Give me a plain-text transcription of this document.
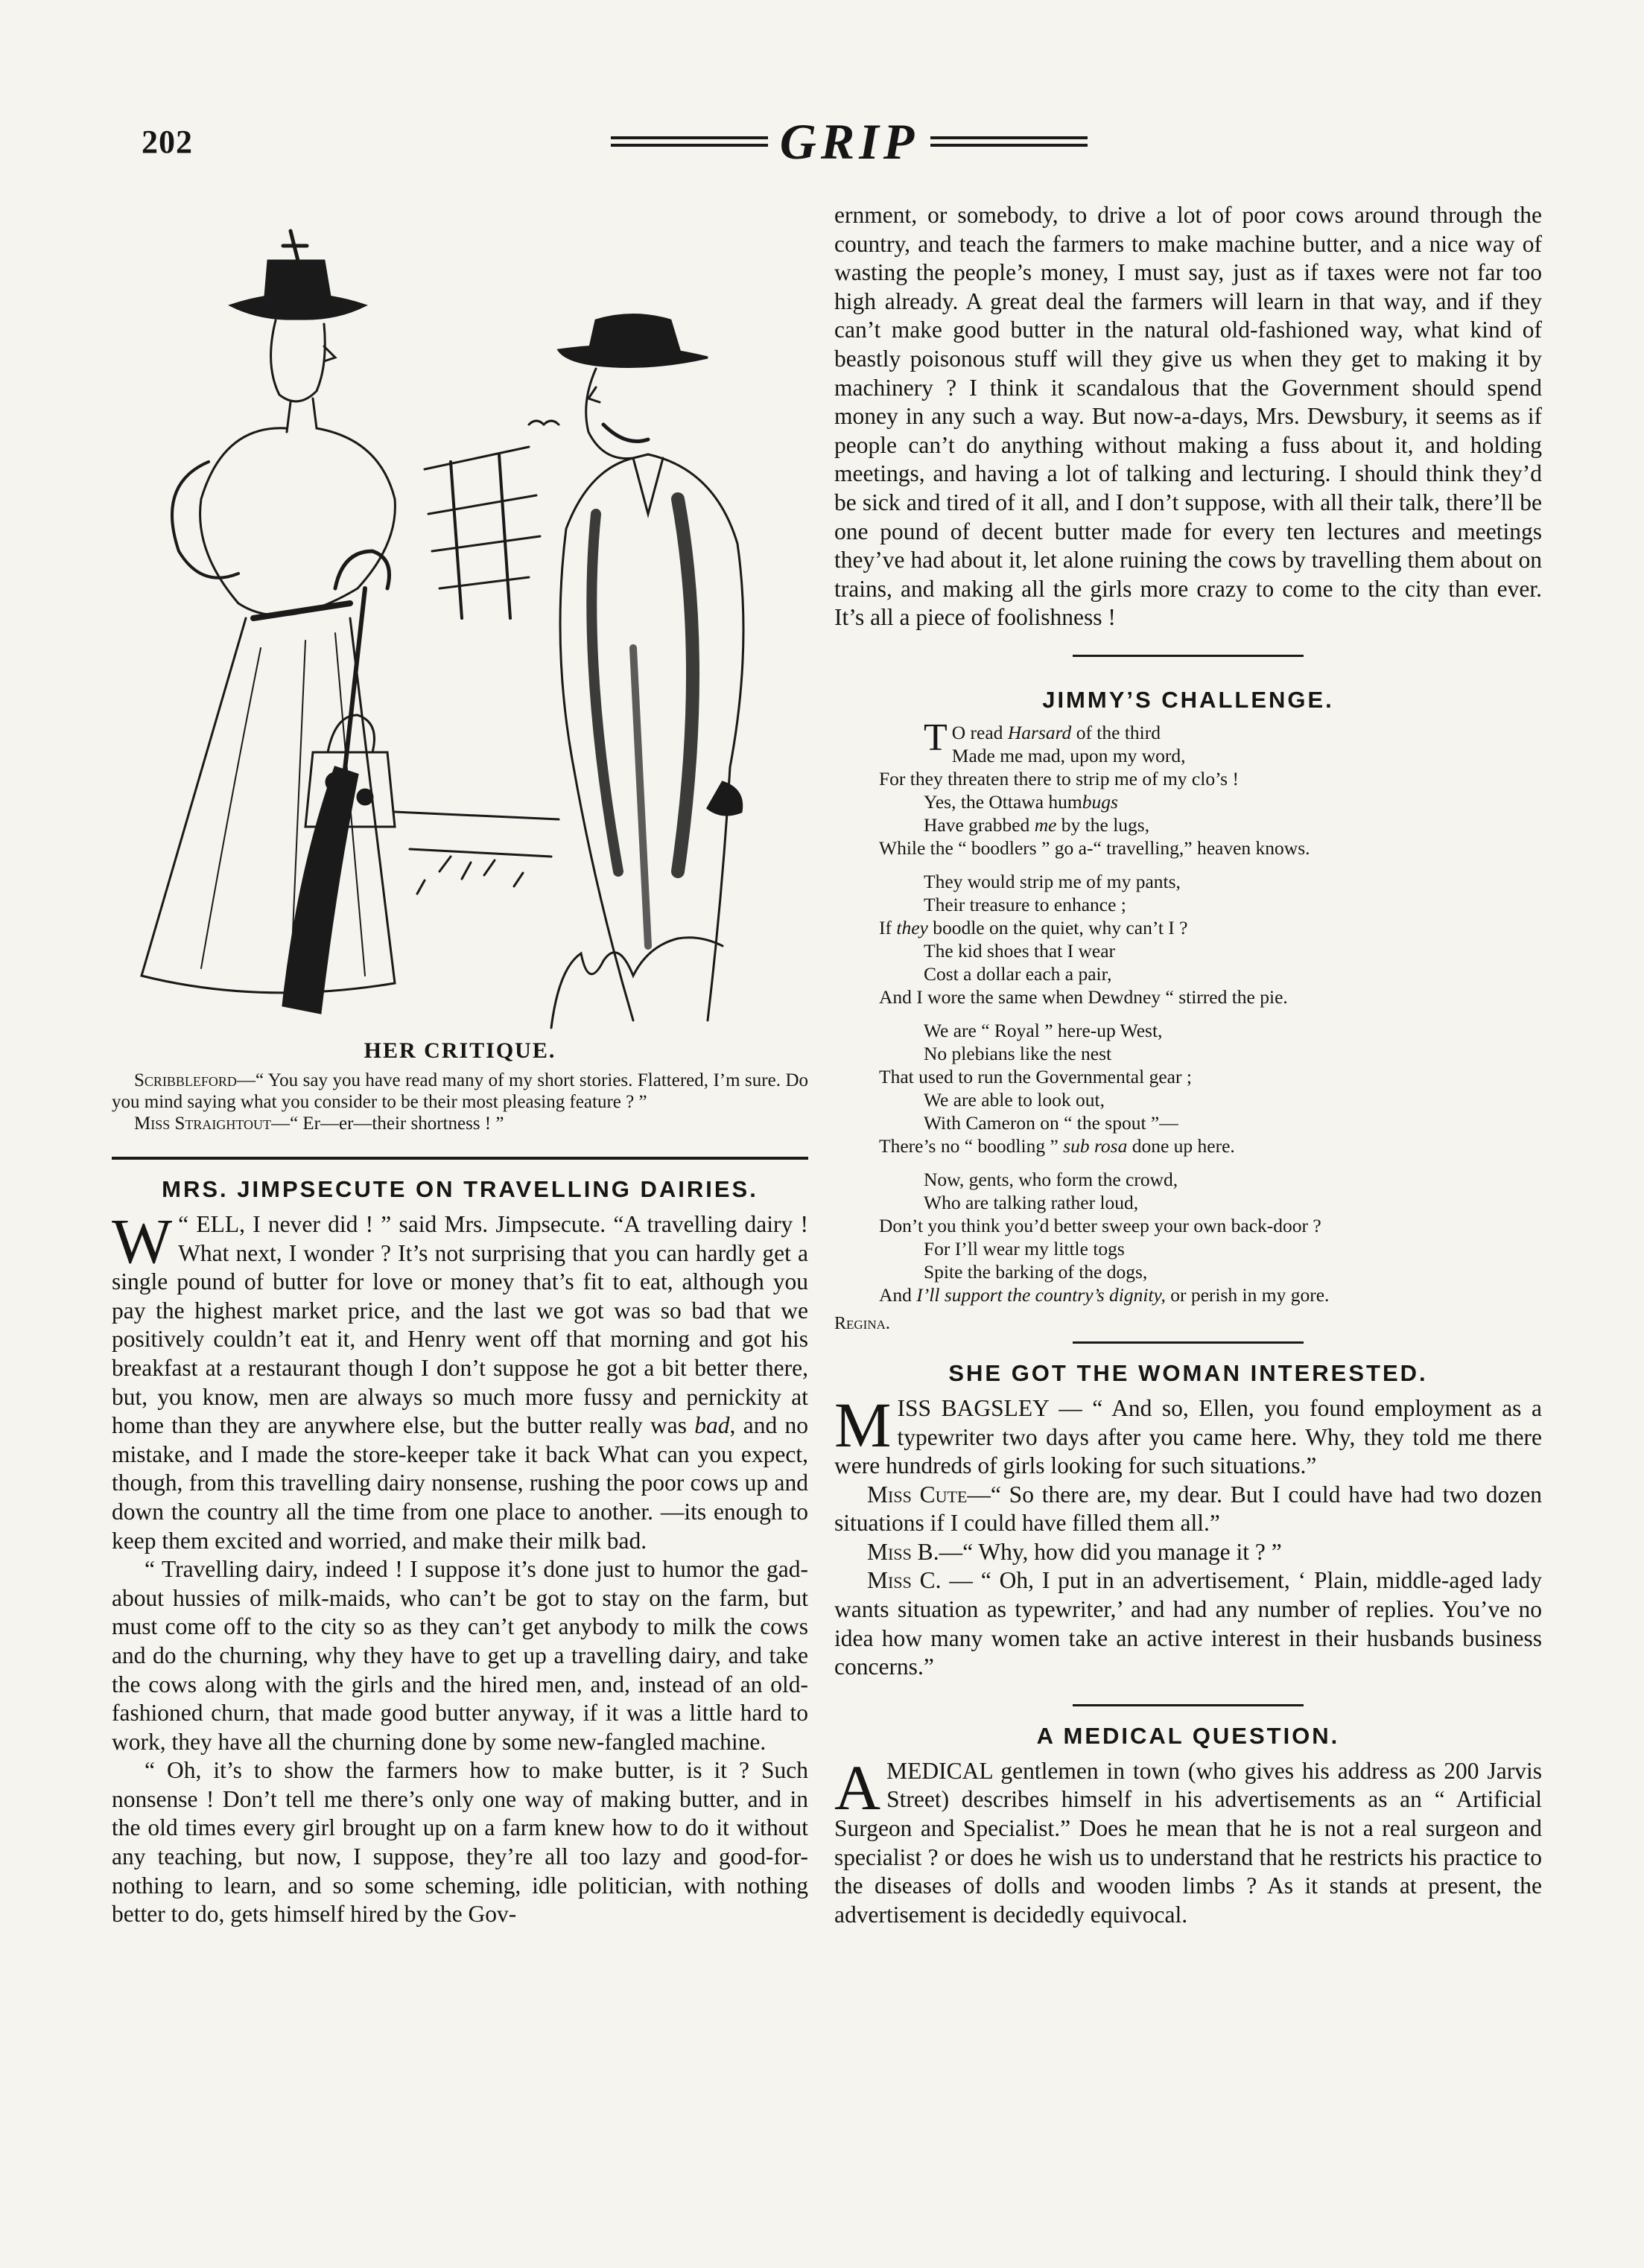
202	GRIP
HER CRITIQUE.

Scribbleford—“ You say you have read many of my short stories. Flattered, I’m sure. Do you mind saying what you consider to be their most pleasing feature ? ”

Miss Straightout—“ Er—er—their shortness ! ”

MRS. JIMPSECUTE ON TRAVELLING DAIRIES.

“
W ELL, I never did ! ” said Mrs. Jimpsecute. “A travelling dairy ! What next, I wonder ? It’s not surprising that you can hardly get a single pound of butter for love or money that’s fit to eat, although you pay the highest market price, and the last we got was so bad that we positively couldn’t eat it, and Henry went off that morning and got his breakfast at a restaurant though I don’t suppose he got a bit better there, but, you know, men are always so much more fussy and pernickity at home than they are anywhere else, but the butter really was bad, and no mistake, and I made the store-keeper take it back What can you expect, though, from this travelling dairy nonsense, rushing the poor cows up and down the country all the time from one place to another. —its enough to keep them excited and worried, and make their milk bad.

“ Travelling dairy, indeed ! I suppose it’s done just to humor the gad-about hussies of milk-maids, who can’t be got to stay on the farm, but must come off to the city so as they can’t get anybody to milk the cows and do the churning, why they have to get up a travelling dairy, and take the cows along with the girls and the hired men, and, instead of an old-fashioned churn, that made good butter anyway, if it was a little hard to work, they have all the churning done by some new-fangled machine.

“ Oh, it’s to show the farmers how to make butter, is it ? Such nonsense ! Don’t tell me there’s only one way of making butter, and in the old times every girl brought up on a farm knew how to do it without any teaching, but now, I suppose, they’re all too lazy and good-for-nothing to learn, and so some scheming, idle politician, with nothing better to do, gets himself hired by the Gov-

ernment, or somebody, to drive a lot of poor cows around through the country, and teach the farmers to make machine butter, and a nice way of wasting the people’s money, I must say, just as if taxes were not far too high already. A great deal the farmers will learn in that way, and if they can’t make good butter in the natural old-fashioned way, what kind of beastly poisonous stuff will they give us when they get to making it by machinery ? I think it scandalous that the Government should spend money in any such a way. But now-a-days, Mrs. Dewsbury, it seems as if people can’t do anything without making a fuss about it, and holding meetings, and having a lot of talking and lecturing. I should think they’d be sick and tired of it all, and I don’t suppose, with all their talk, there’ll be one pound of decent butter made for every ten lectures and meetings they’ve had about it, let alone ruining the cows by travelling them about on trains, and making all the girls more crazy to come to the city than ever. It’s all a piece of foolishness !

JIMMY’S CHALLENGE.
T O read Harsard of the third
Made me mad, upon my word,
For they threaten there to strip me of my clo’s !
Yes, the Ottawa humbugs
Have grabbed me by the lugs,
While the “ boodlers ” go a-“ travelling,” heaven knows.
They would strip me of my pants,
Their treasure to enhance ;
If they boodle on the quiet, why can’t I ?
The kid shoes that I wear
Cost a dollar each a pair,
And I wore the same when Dewdney “ stirred the pie.
We are “ Royal ” here-up West,
No plebians like the nest
That used to run the Governmental gear ;
We are able to look out,
With Cameron on “ the spout ”—
There’s no “ boodling ” sub rosa done up here.
Now, gents, who form the crowd,
Who are talking rather loud,
Don’t you think you’d better sweep your own back-door ?
For I’ll wear my little togs
Spite the barking of the dogs,
And I’ll support the country’s dignity, or perish in my gore.
Regina.
SHE GOT THE WOMAN INTERESTED.

MISS BAGSLEY — “ And so, Ellen, you found employment as a typewriter two days after you came here. Why, they told me there were hundreds of girls looking for such situations.”

Miss Cute—“ So there are, my dear. But I could have had two dozen situations if I could have filled them all.”

Miss B.—“ Why, how did you manage it ? ”

Miss C. — “ Oh, I put in an advertisement, ‘ Plain, middle-aged lady wants situation as typewriter,’ and had any number of replies. You’ve no idea how many women take an active interest in their husbands business concerns.”

A MEDICAL QUESTION.

A MEDICAL gentlemen in town (who gives his address as 200 Jarvis Street) describes himself in his advertisements as an “ Artificial Surgeon and Specialist.” Does he mean that he is not a real surgeon and specialist ? or does he wish us to understand that he restricts his practice to the diseases of dolls and wooden limbs ? As it stands at present, the advertisement is decidedly equivocal.
